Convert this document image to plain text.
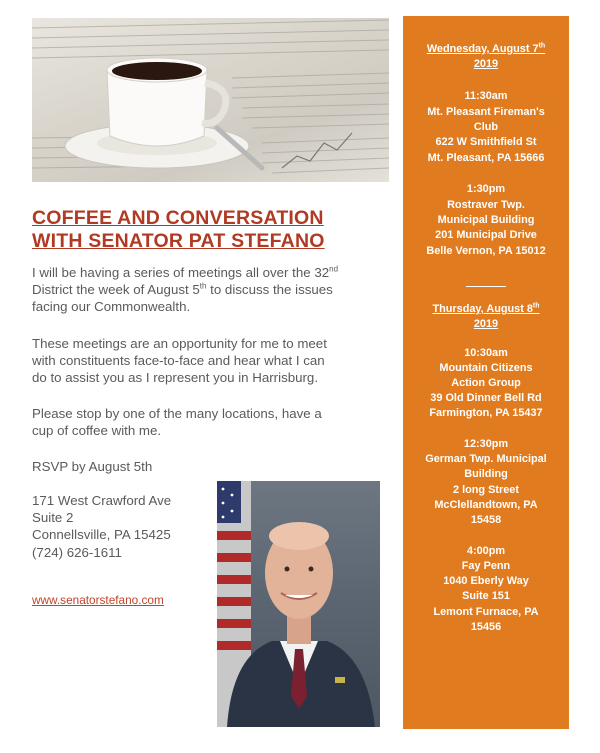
COFFEE AND CONVERSATION
WITH SENATOR PAT STEFANO
I will be having a series of meetings all over the 32nd
District the week of August 5th to discuss the issues
facing our Commonwealth.
These meetings are an opportunity for me to meet
with constituents face-to-face and hear what I can
do to assist you as I represent you in Harrisburg.
Please stop by one of the many locations, have a
cup of coffee with me.
RSVP by August 5th
171 West Crawford Ave
Suite 2
Connellsville, PA 15425
(724) 626-1611
www.senatorstefano.com
Wednesday, August 7th
2019
11:30am
Mt. Pleasant Fireman's
Club
622 W Smithfield St
Mt. Pleasant, PA 15666
1:30pm
Rostraver Twp.
Municipal Building
201 Municipal Drive
Belle Vernon, PA 15012
Thursday, August 8th
2019
10:30am
Mountain Citizens
Action Group
39 Old Dinner Bell Rd
Farmington, PA 15437
12:30pm
German Twp. Municipal
Building
2 long Street
McClellandtown, PA
15458
4:00pm
Fay Penn
1040 Eberly Way
Suite 151
Lemont Furnace, PA
15456
